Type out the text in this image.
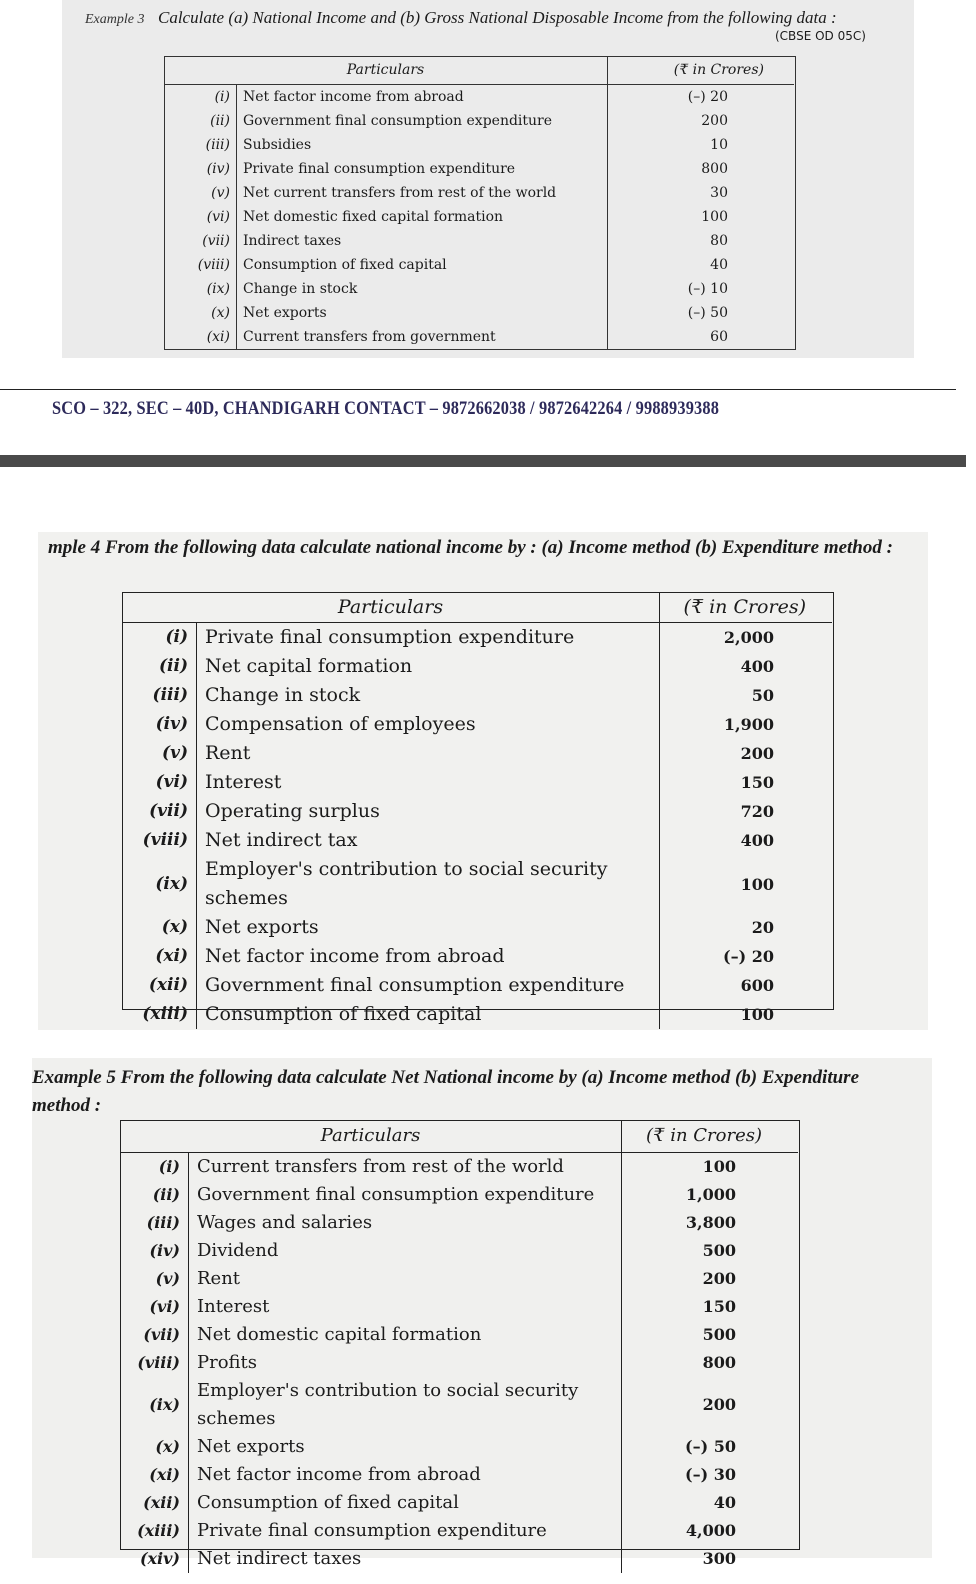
Example 3 Calculate (a) National Income and (b) Gross National Disposable Income from the following data :
(CBSE OD 05C)
Particulars		(₹ in Crores)
(i)	Net factor income from abroad	(–) 20
(ii)	Government final consumption expenditure	200
(iii)	Subsidies	10
(iv)	Private final consumption expenditure	800
(v)	Net current transfers from rest of the world	30
(vi)	Net domestic fixed capital formation	100
(vii)	Indirect taxes	80
(viii)	Consumption of fixed capital	40
(ix)	Change in stock	(–) 10
(x)	Net exports	(–) 50
(xi)	Current transfers from government	60
SCO – 322, SEC – 40D, CHANDIGARH CONTACT – 9872662038 / 9872642264 / 9988939388
mple 4 From the following data calculate national income by : (a) Income method (b) Expenditure method :
Particulars		(₹ in Crores)
(i)	Private final consumption expenditure	2,000
(ii)	Net capital formation	400
(iii)	Change in stock	50
(iv)	Compensation of employees	1,900
(v)	Rent	200
(vi)	Interest	150
(vii)	Operating surplus	720
(viii)	Net indirect tax	400
(ix)	Employer's contribution to social security schemes	100
(x)	Net exports	20
(xi)	Net factor income from abroad	(–) 20
(xii)	Government final consumption expenditure	600
(xiii)	Consumption of fixed capital	100
Example 5 From the following data calculate Net National income by (a) Income method (b) Expenditure method :
Particulars		(₹ in Crores)
(i)	Current transfers from rest of the world	100
(ii)	Government final consumption expenditure	1,000
(iii)	Wages and salaries	3,800
(iv)	Dividend	500
(v)	Rent	200
(vi)	Interest	150
(vii)	Net domestic capital formation	500
(viii)	Profits	800
(ix)	Employer's contribution to social security schemes	200
(x)	Net exports	(–) 50
(xi)	Net factor income from abroad	(–) 30
(xii)	Consumption of fixed capital	40
(xiii)	Private final consumption expenditure	4,000
(xiv)	Net indirect taxes	300
